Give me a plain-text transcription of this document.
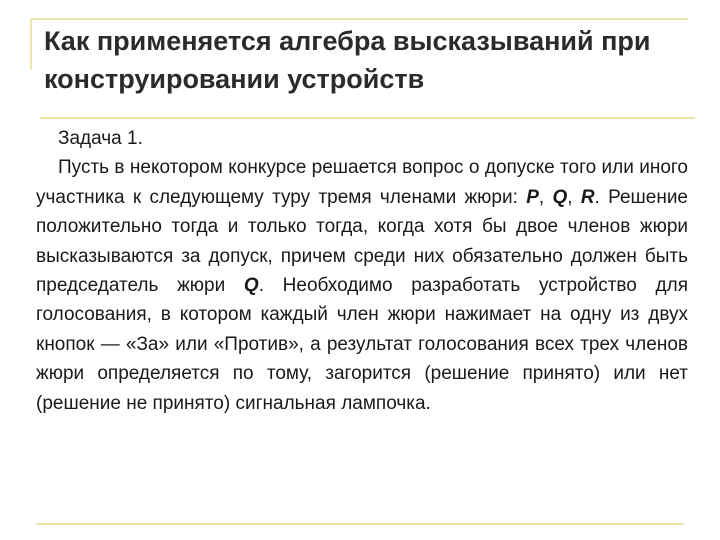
Как применяется алгебра высказываний при конструировании устройств

Задача 1.

Пусть в некотором конкурсе решается вопрос о допуске того или иного участника к следующему туру тремя членами жюри: P, Q, R. Решение положительно тогда и только тогда, когда хотя бы двое членов жюри высказываются за допуск, причем среди них обязательно должен быть председатель жюри Q. Необходимо разработать устройство для голосования, в котором каждый член жюри нажимает на одну из двух кнопок — «За» или «Против», а результат голосования всех трех членов жюри определяется по тому, загорится (решение принято) или нет (решение не принято) сигнальная лампочка.
